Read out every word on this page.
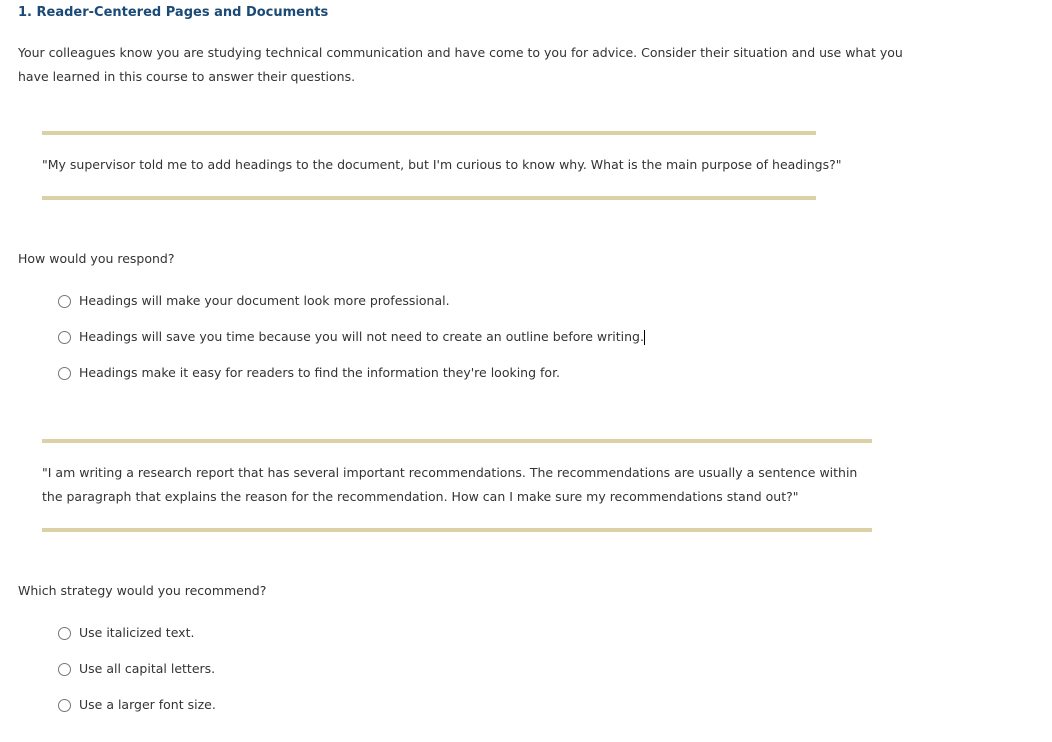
1. Reader-Centered Pages and Documents
Your colleagues know you are studying technical communication and have come to you for advice. Consider their situation and use what you have learned in this course to answer their questions.
"My supervisor told me to add headings to the document, but I'm curious to know why. What is the main purpose of headings?"
How would you respond?
Headings will make your document look more professional.
Headings will save you time because you will not need to create an outline before writing.
Headings make it easy for readers to find the information they're looking for.
"I am writing a research report that has several important recommendations. The recommendations are usually a sentence within the paragraph that explains the reason for the recommendation. How can I make sure my recommendations stand out?"
Which strategy would you recommend?
Use italicized text.
Use all capital letters.
Use a larger font size.
